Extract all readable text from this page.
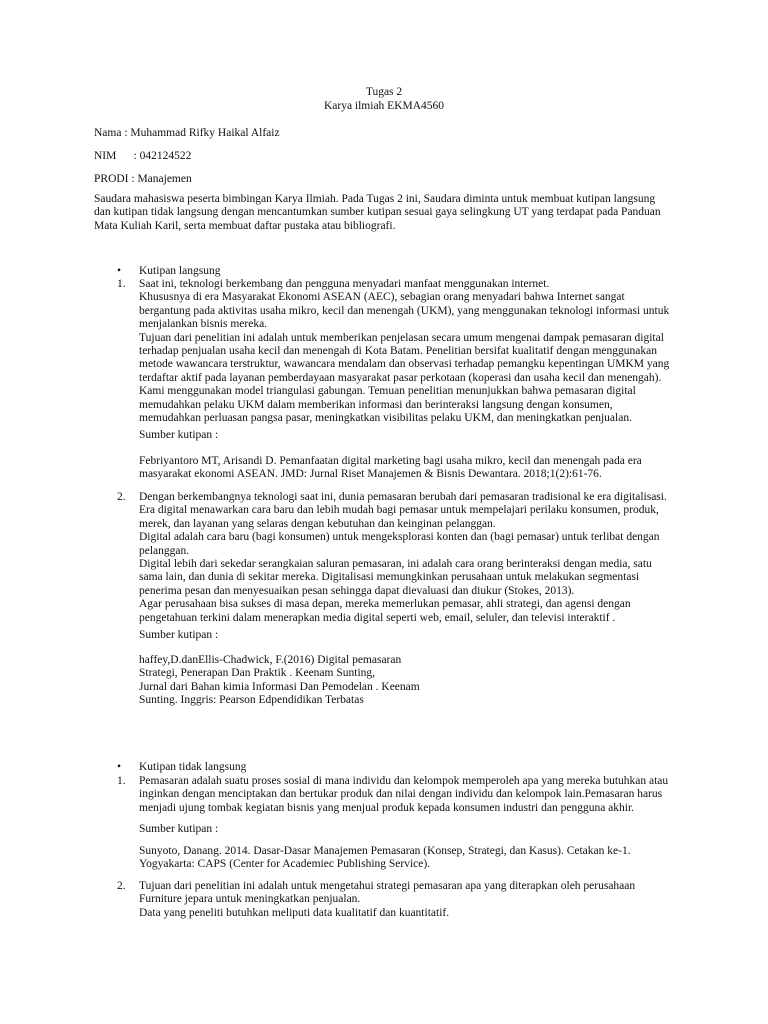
Tugas 2
Karya ilmiah EKMA4560
Nama : Muhammad Rifky Haikal Alfaiz
NIM      : 042124522
PRODI : Manajemen
Saudara mahasiswa peserta bimbingan Karya Ilmiah. Pada Tugas 2 ini, Saudara diminta untuk membuat kutipan langsung
dan kutipan tidak langsung dengan mencantumkan sumber kutipan sesuai gaya selingkung UT yang terdapat pada Panduan
Mata Kuliah Karil, serta membuat daftar pustaka atau bibliografi.
•	Kutipan langsung
1. Saat ini, teknologi berkembang dan pengguna menyadari manfaat menggunakan internet.
Khususnya di era Masyarakat Ekonomi ASEAN (AEC), sebagian orang menyadari bahwa Internet sangat
bergantung pada aktivitas usaha mikro, kecil dan menengah (UKM), yang menggunakan teknologi informasi untuk
menjalankan bisnis mereka.
Tujuan dari penelitian ini adalah untuk memberikan penjelasan secara umum mengenai dampak pemasaran digital
terhadap penjualan usaha kecil dan menengah di Kota Batam. Penelitian bersifat kualitatif dengan menggunakan
metode wawancara terstruktur, wawancara mendalam dan observasi terhadap pemangku kepentingan UMKM yang
terdaftar aktif pada layanan pemberdayaan masyarakat pasar perkotaan (koperasi dan usaha kecil dan menengah).
Kami menggunakan model triangulasi gabungan. Temuan penelitian menunjukkan bahwa pemasaran digital
memudahkan pelaku UKM dalam memberikan informasi dan berinteraksi langsung dengan konsumen,
memudahkan perluasan pangsa pasar, meningkatkan visibilitas pelaku UKM, dan meningkatkan penjualan.
Sumber kutipan :
Febriyantoro MT, Arisandi D. Pemanfaatan digital marketing bagi usaha mikro, kecil dan menengah pada era
masyarakat ekonomi ASEAN. JMD: Jurnal Riset Manajemen & Bisnis Dewantara. 2018;1(2):61-76.
2. Dengan berkembangnya teknologi saat ini, dunia pemasaran berubah dari pemasaran tradisional ke era digitalisasi.
Era digital menawarkan cara baru dan lebih mudah bagi pemasar untuk mempelajari perilaku konsumen, produk,
merek, dan layanan yang selaras dengan kebutuhan dan keinginan pelanggan.
Digital adalah cara baru (bagi konsumen) untuk mengeksplorasi konten dan (bagi pemasar) untuk terlibat dengan
pelanggan.
Digital lebih dari sekedar serangkaian saluran pemasaran, ini adalah cara orang berinteraksi dengan media, satu
sama lain, dan dunia di sekitar mereka. Digitalisasi memungkinkan perusahaan untuk melakukan segmentasi
penerima pesan dan menyesuaikan pesan sehingga dapat dievaluasi dan diukur (Stokes, 2013).
Agar perusahaan bisa sukses di masa depan, mereka memerlukan pemasar, ahli strategi, dan agensi dengan
pengetahuan terkini dalam menerapkan media digital seperti web, email, seluler, dan televisi interaktif .
Sumber kutipan :
haffey,D.danEllis-Chadwick, F.(2016) Digital pemasaran
Strategi, Penerapan Dan Praktik . Keenam Sunting,
Jurnal dari Bahan kimia Informasi Dan Pemodelan . Keenam
Sunting. Inggris: Pearson Edpendidikan Terbatas
•	Kutipan tidak langsung
1. Pemasaran adalah suatu proses sosial di mana individu dan kelompok memperoleh apa yang mereka butuhkan atau
inginkan dengan menciptakan dan bertukar produk dan nilai dengan individu dan kelompok lain.Pemasaran harus
menjadi ujung tombak kegiatan bisnis yang menjual produk kepada konsumen industri dan pengguna akhir.
Sumber kutipan :
Sunyoto, Danang. 2014. Dasar-Dasar Manajemen Pemasaran (Konsep, Strategi, dan Kasus). Cetakan ke-1.
Yogyakarta: CAPS (Center for Academiec Publishing Service).
2. Tujuan dari penelitian ini adalah untuk mengetahui strategi pemasaran apa yang diterapkan oleh perusahaan
Furniture jepara untuk meningkatkan penjualan.
Data yang peneliti butuhkan meliputi data kualitatif dan kuantitatif.
